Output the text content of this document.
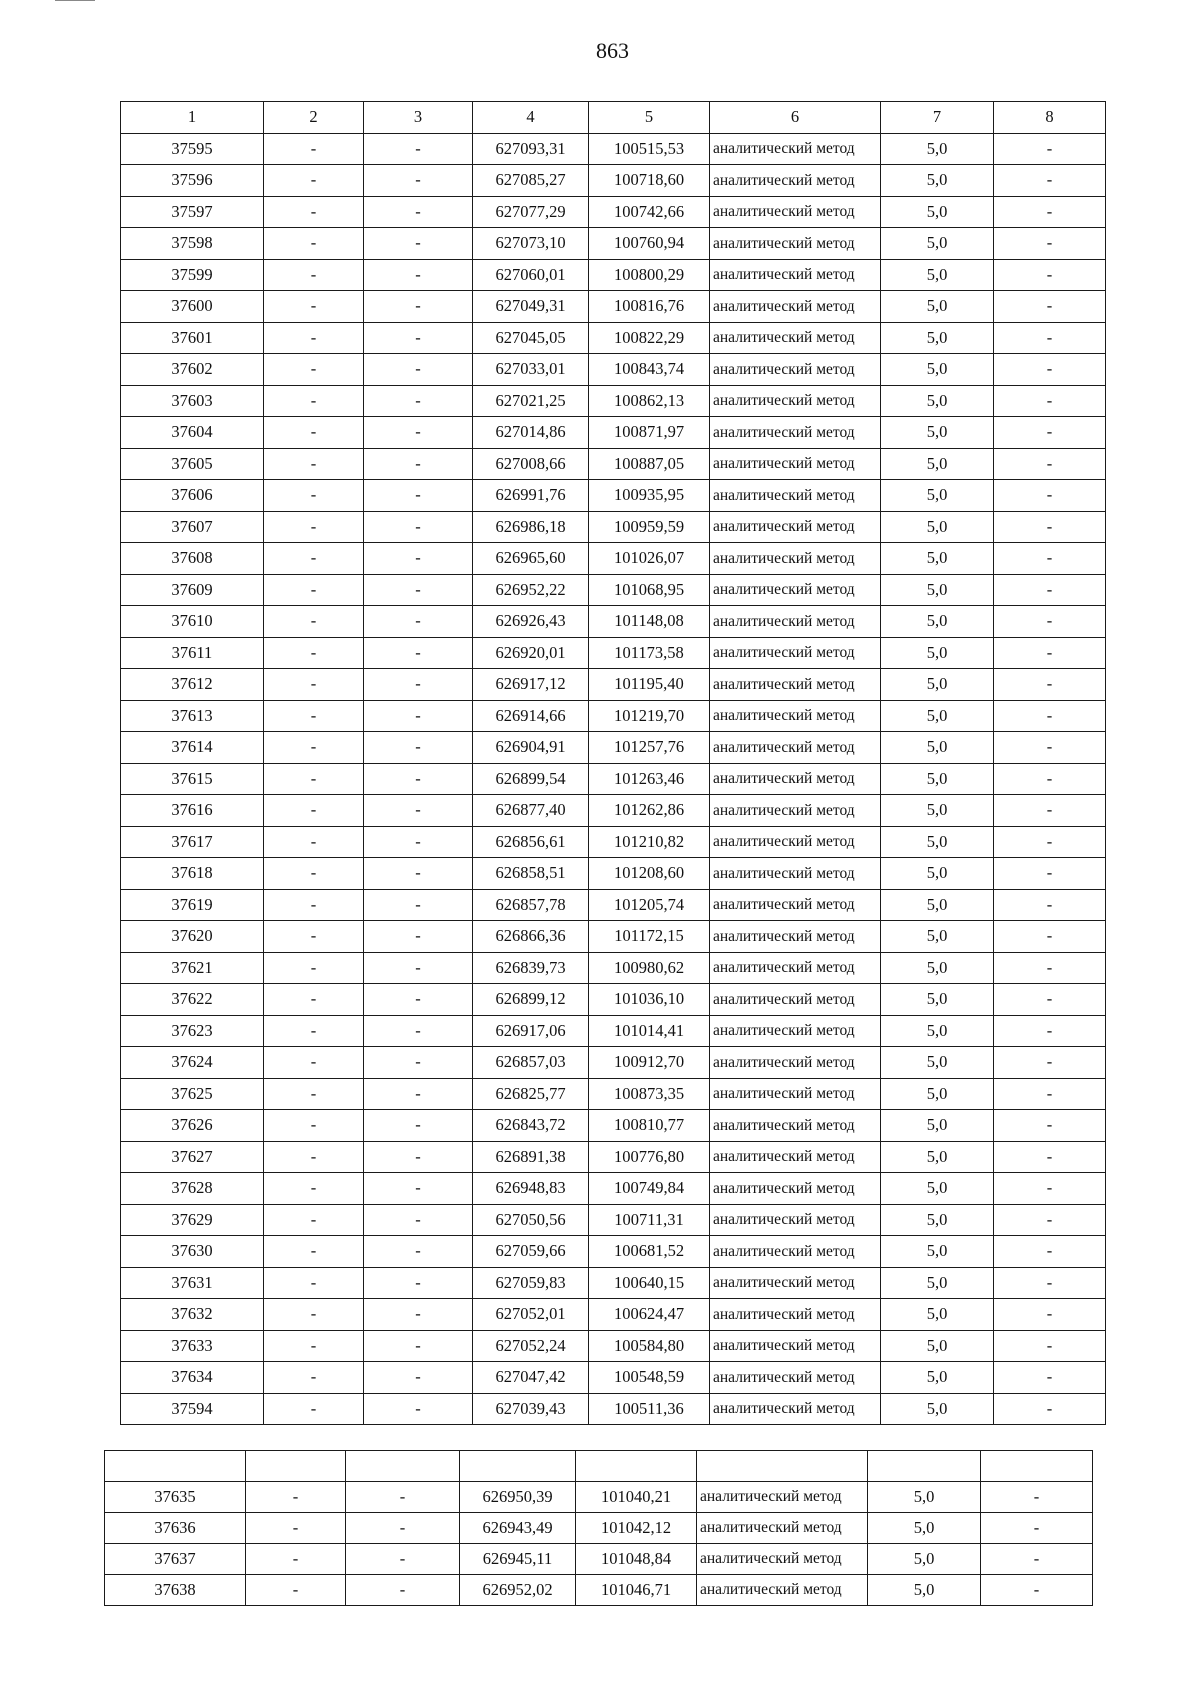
863
1	2	3	4	5	6	7	8
37595	-	-	627093,31	100515,53	аналитический метод	5,0	-
37596	-	-	627085,27	100718,60	аналитический метод	5,0	-
37597	-	-	627077,29	100742,66	аналитический метод	5,0	-
37598	-	-	627073,10	100760,94	аналитический метод	5,0	-
37599	-	-	627060,01	100800,29	аналитический метод	5,0	-
37600	-	-	627049,31	100816,76	аналитический метод	5,0	-
37601	-	-	627045,05	100822,29	аналитический метод	5,0	-
37602	-	-	627033,01	100843,74	аналитический метод	5,0	-
37603	-	-	627021,25	100862,13	аналитический метод	5,0	-
37604	-	-	627014,86	100871,97	аналитический метод	5,0	-
37605	-	-	627008,66	100887,05	аналитический метод	5,0	-
37606	-	-	626991,76	100935,95	аналитический метод	5,0	-
37607	-	-	626986,18	100959,59	аналитический метод	5,0	-
37608	-	-	626965,60	101026,07	аналитический метод	5,0	-
37609	-	-	626952,22	101068,95	аналитический метод	5,0	-
37610	-	-	626926,43	101148,08	аналитический метод	5,0	-
37611	-	-	626920,01	101173,58	аналитический метод	5,0	-
37612	-	-	626917,12	101195,40	аналитический метод	5,0	-
37613	-	-	626914,66	101219,70	аналитический метод	5,0	-
37614	-	-	626904,91	101257,76	аналитический метод	5,0	-
37615	-	-	626899,54	101263,46	аналитический метод	5,0	-
37616	-	-	626877,40	101262,86	аналитический метод	5,0	-
37617	-	-	626856,61	101210,82	аналитический метод	5,0	-
37618	-	-	626858,51	101208,60	аналитический метод	5,0	-
37619	-	-	626857,78	101205,74	аналитический метод	5,0	-
37620	-	-	626866,36	101172,15	аналитический метод	5,0	-
37621	-	-	626839,73	100980,62	аналитический метод	5,0	-
37622	-	-	626899,12	101036,10	аналитический метод	5,0	-
37623	-	-	626917,06	101014,41	аналитический метод	5,0	-
37624	-	-	626857,03	100912,70	аналитический метод	5,0	-
37625	-	-	626825,77	100873,35	аналитический метод	5,0	-
37626	-	-	626843,72	100810,77	аналитический метод	5,0	-
37627	-	-	626891,38	100776,80	аналитический метод	5,0	-
37628	-	-	626948,83	100749,84	аналитический метод	5,0	-
37629	-	-	627050,56	100711,31	аналитический метод	5,0	-
37630	-	-	627059,66	100681,52	аналитический метод	5,0	-
37631	-	-	627059,83	100640,15	аналитический метод	5,0	-
37632	-	-	627052,01	100624,47	аналитический метод	5,0	-
37633	-	-	627052,24	100584,80	аналитический метод	5,0	-
37634	-	-	627047,42	100548,59	аналитический метод	5,0	-
37594	-	-	627039,43	100511,36	аналитический метод	5,0	-

37635	-	-	626950,39	101040,21	аналитический метод	5,0	-
37636	-	-	626943,49	101042,12	аналитический метод	5,0	-
37637	-	-	626945,11	101048,84	аналитический метод	5,0	-
37638	-	-	626952,02	101046,71	аналитический метод	5,0	-
